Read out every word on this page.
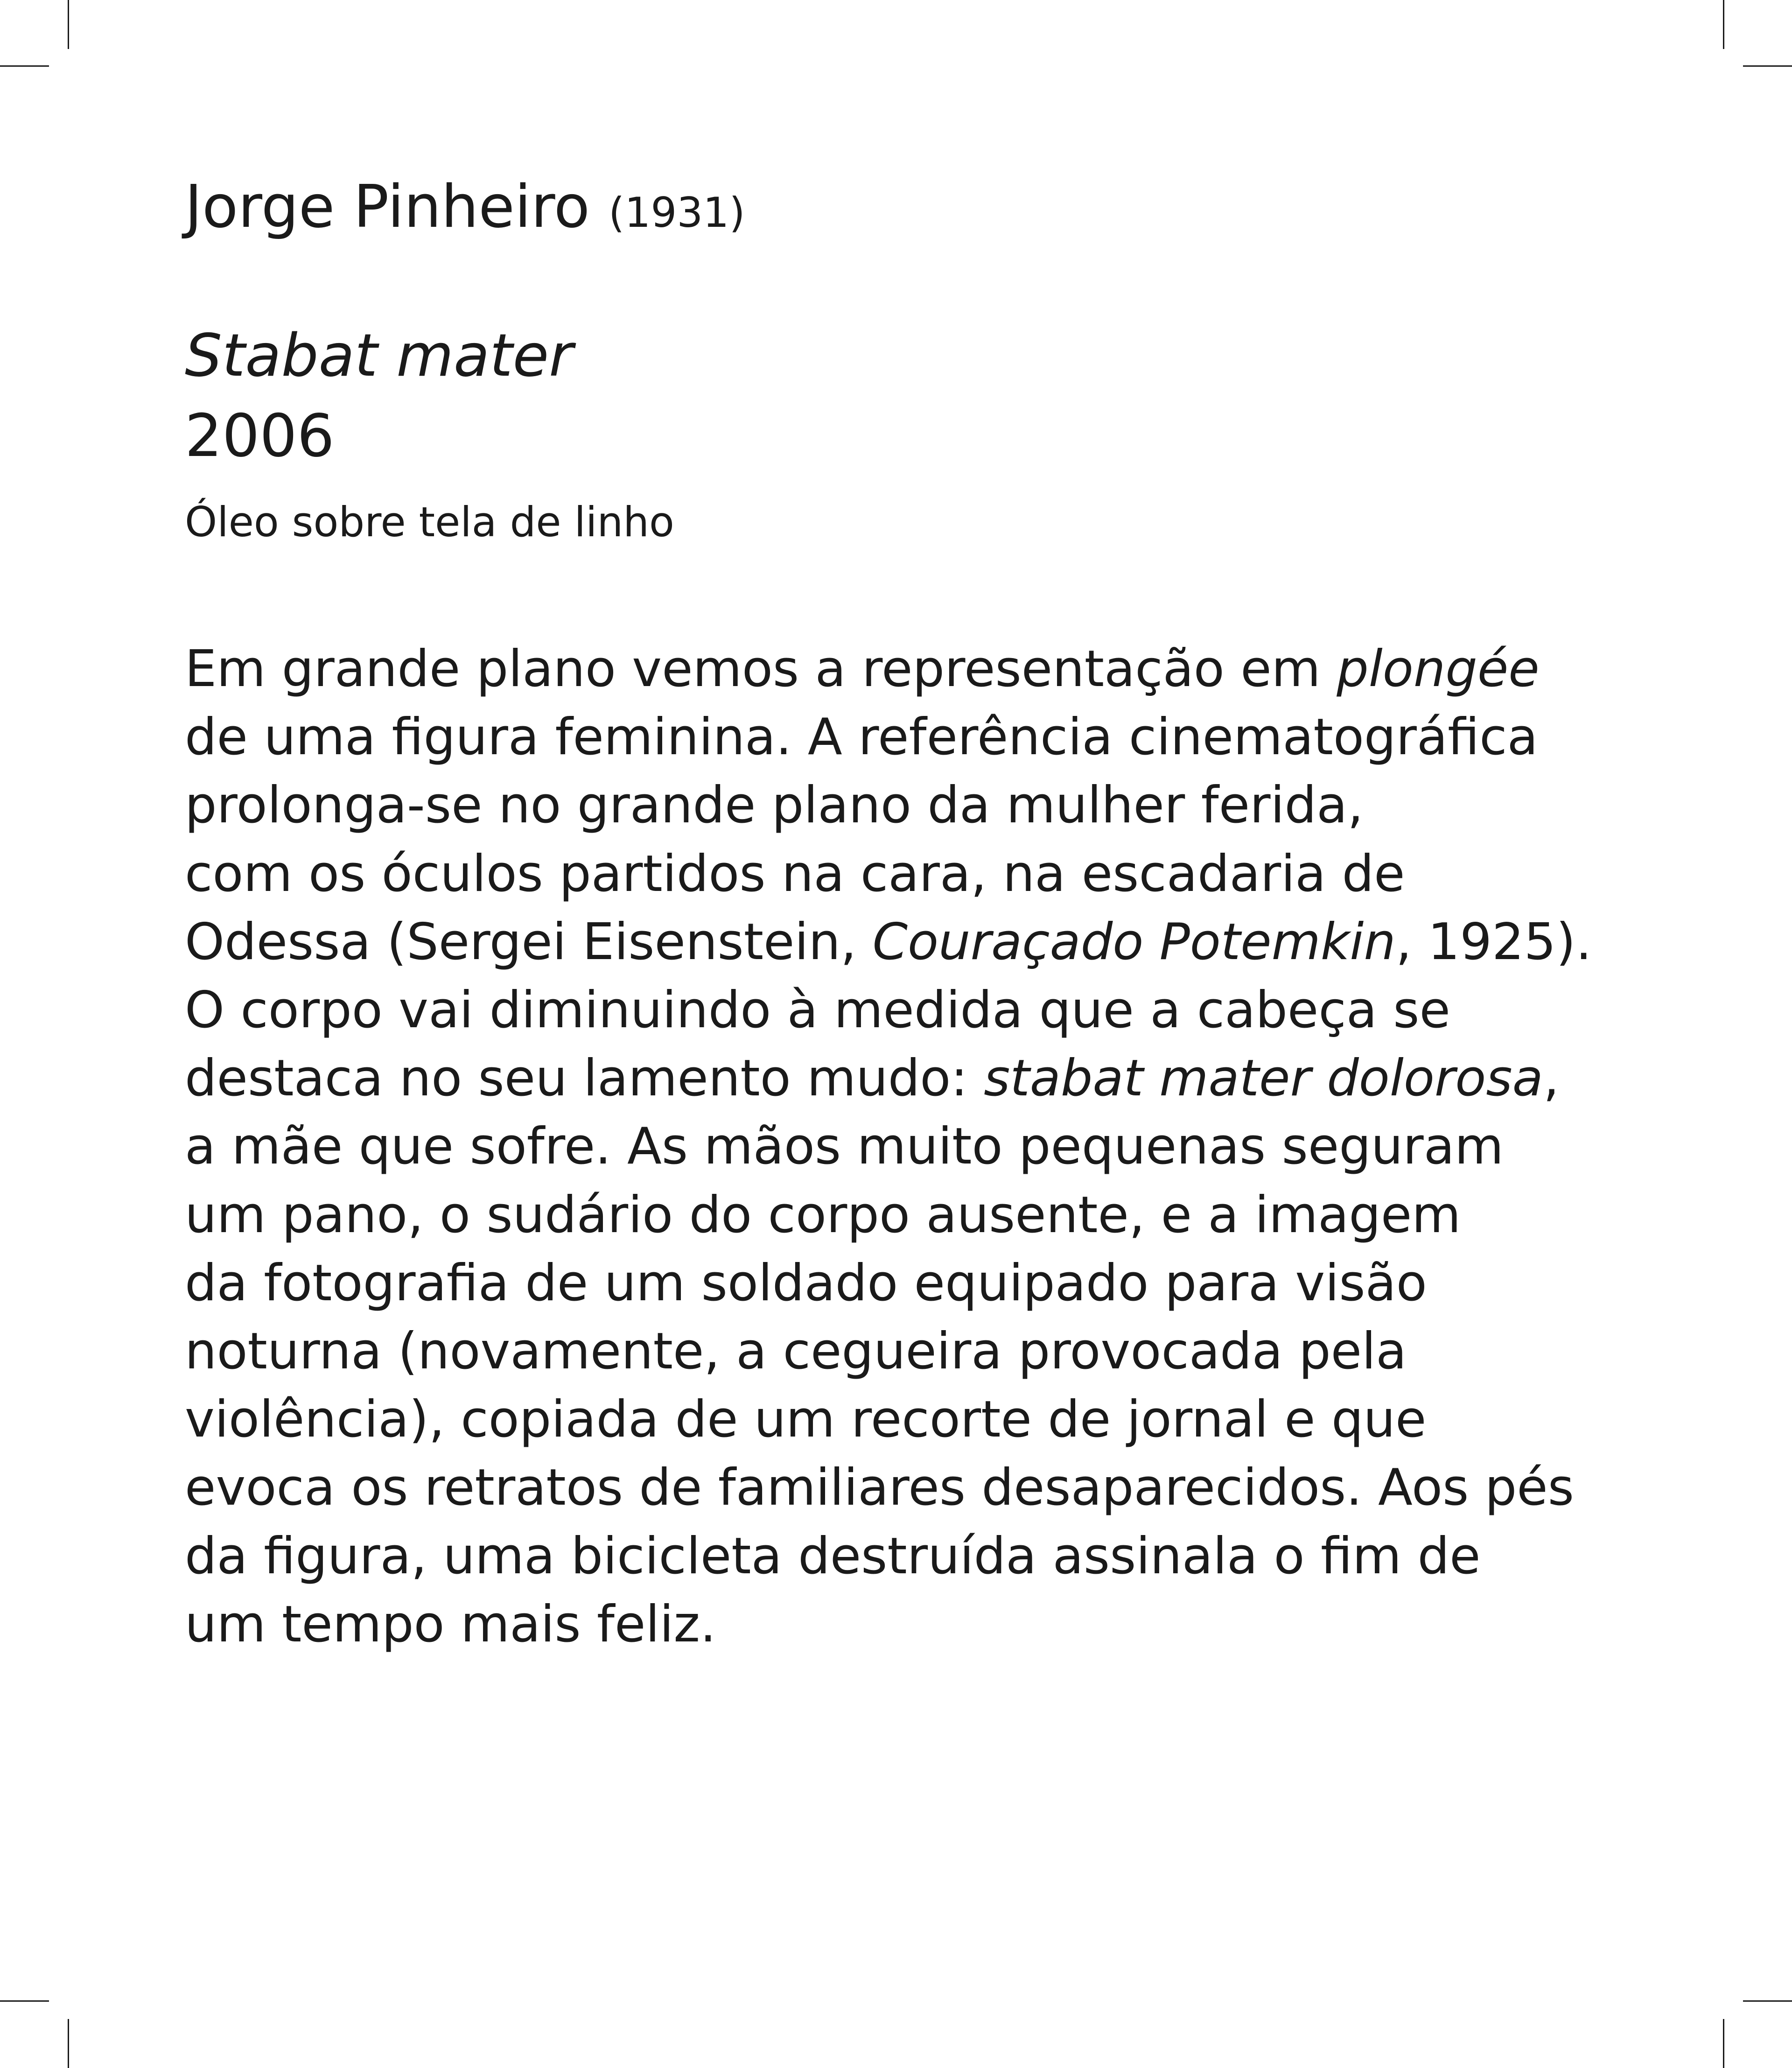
Jorge Pinheiro (1931)

Stabat mater

2006

Óleo sobre tela de linho

Em grande plano vemos a representação em plongée
de uma figura feminina. A referência cinematográfica
prolonga-se no grande plano da mulher ferida,
com os óculos partidos na cara, na escadaria de
Odessa (Sergei Eisenstein, Couraçado Potemkin, 1925).
O corpo vai diminuindo à medida que a cabeça se
destaca no seu lamento mudo: stabat mater dolorosa,
a mãe que sofre. As mãos muito pequenas seguram
um pano, o sudário do corpo ausente, e a imagem
da fotografia de um soldado equipado para visão
noturna (novamente, a cegueira provocada pela
violência), copiada de um recorte de jornal e que
evoca os retratos de familiares desaparecidos. Aos pés
da figura, uma bicicleta destruída assinala o fim de
um tempo mais feliz.
